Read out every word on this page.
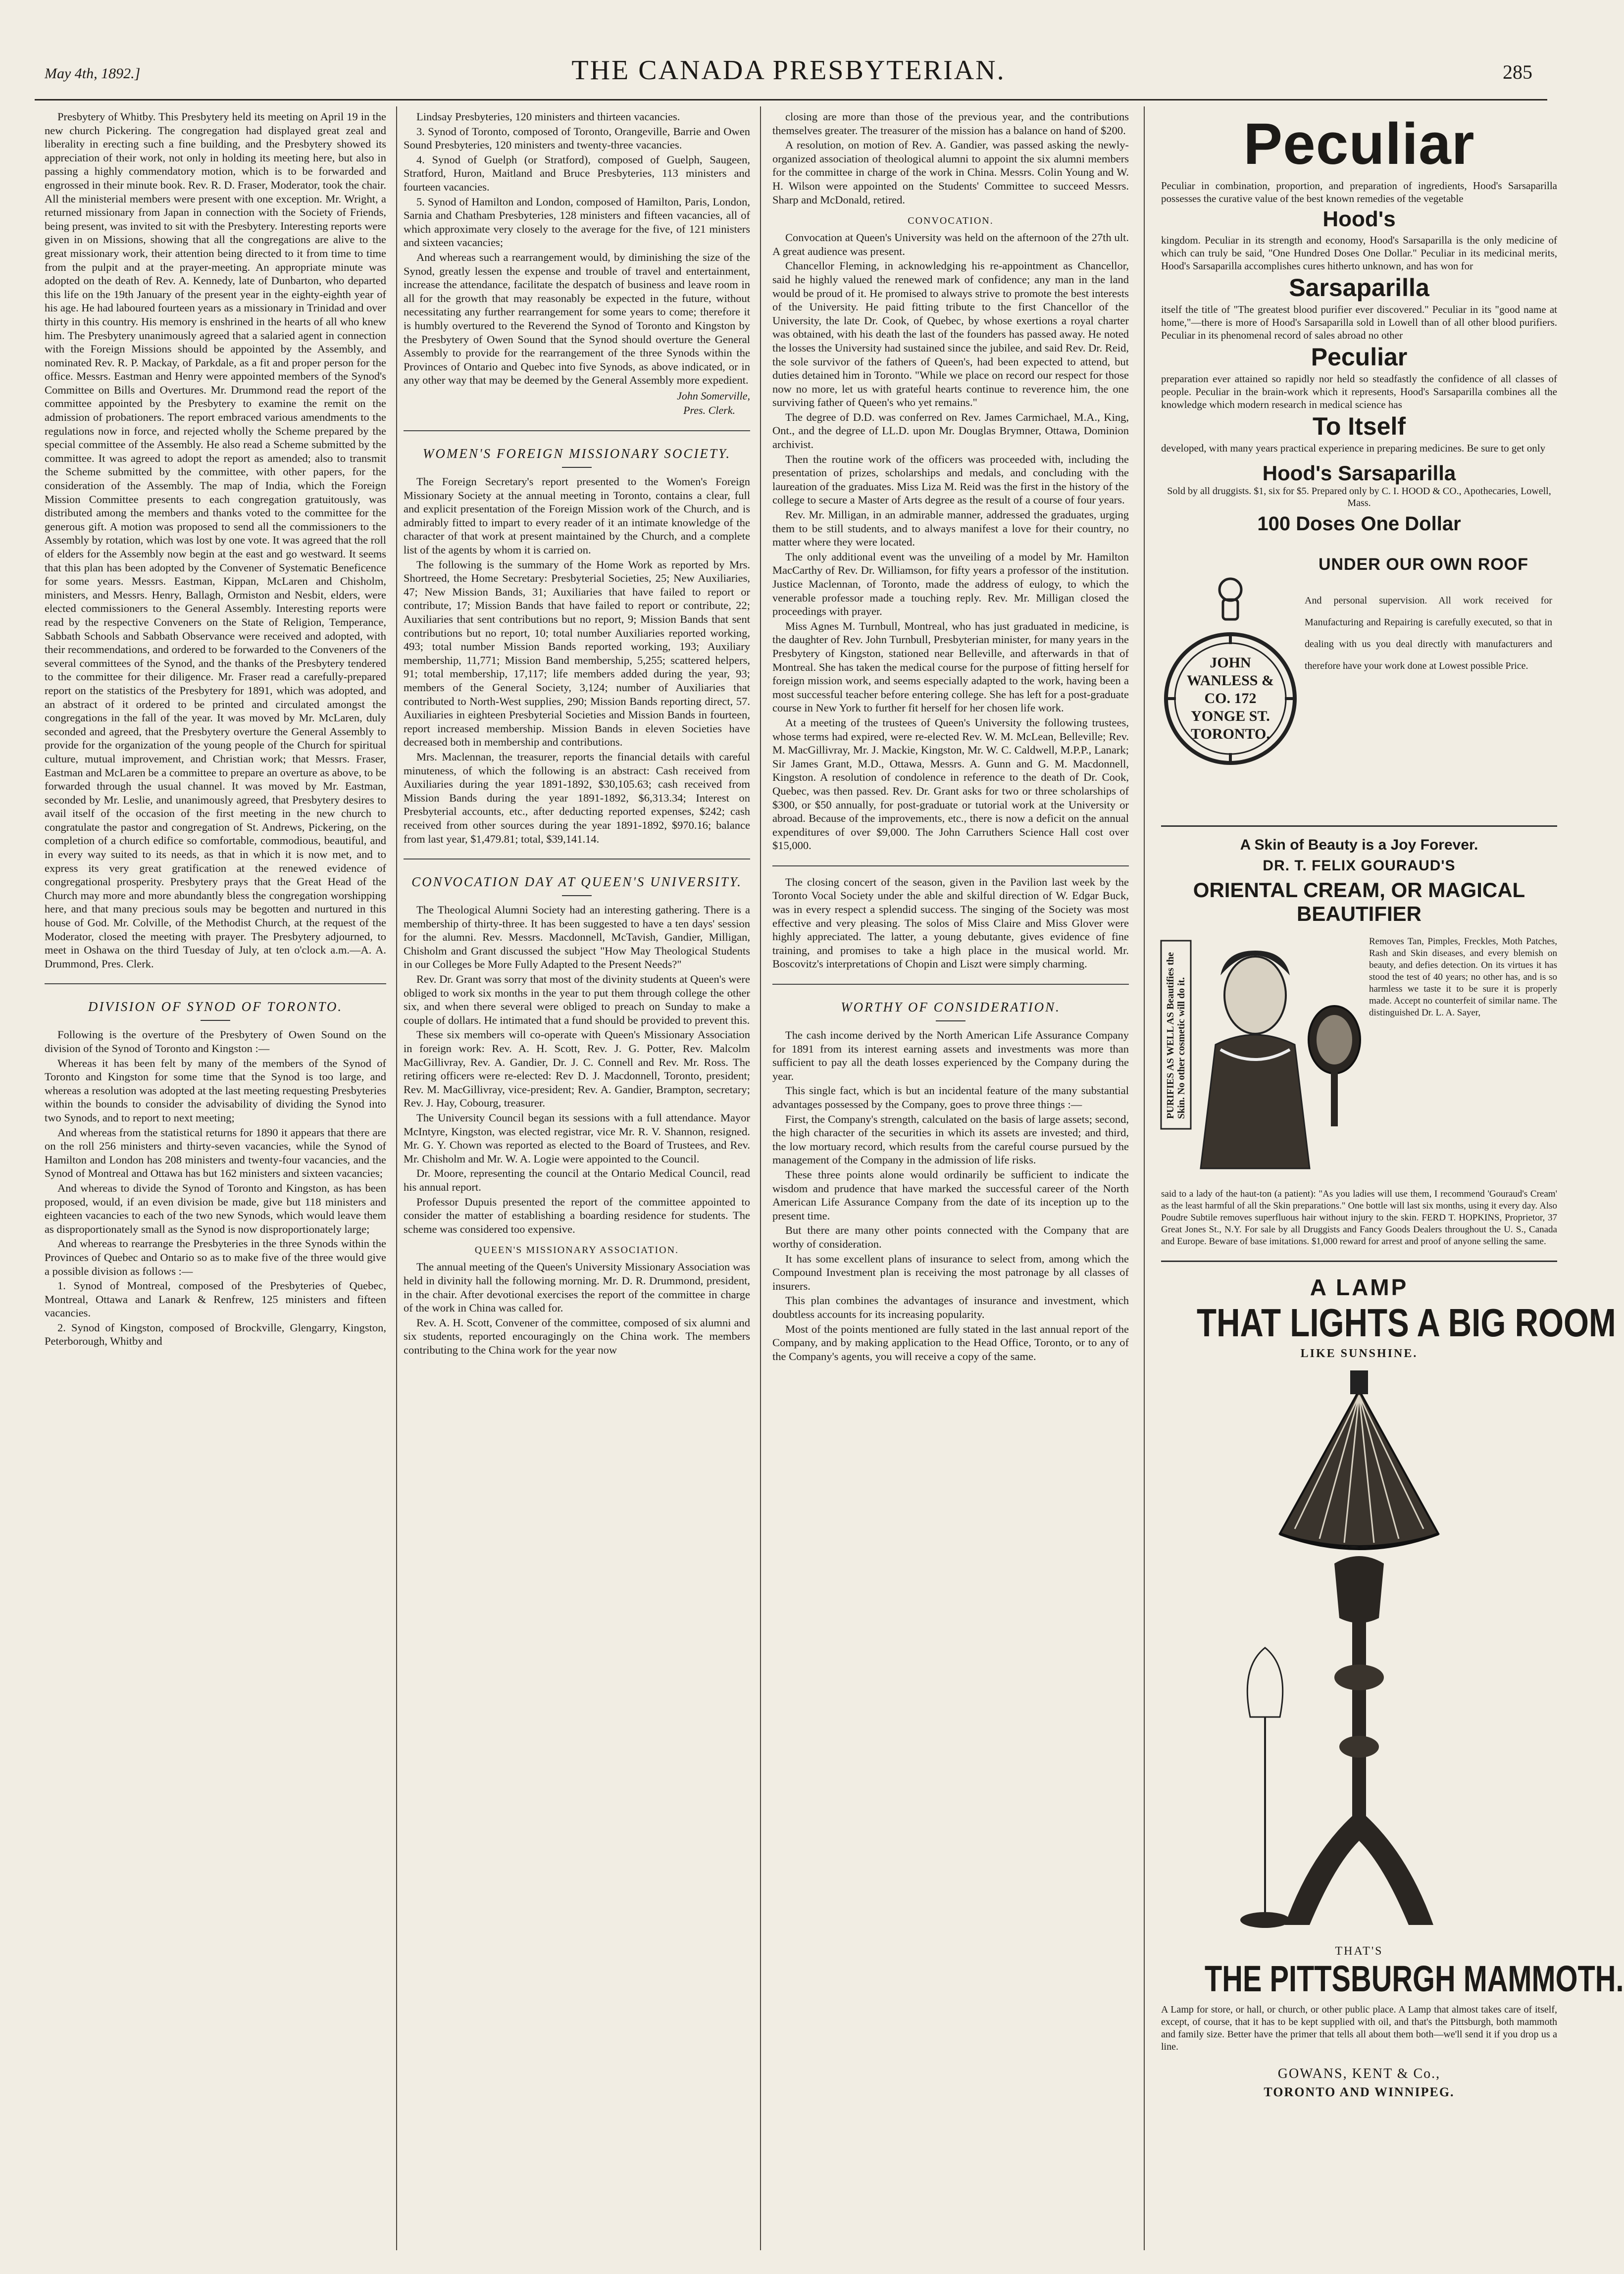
May 4th, 1892.]	THE CANADA PRESBYTERIAN.	285

Presbytery of Whitby. This Presbytery held its meeting on April 19 in the new church Pickering. The congregation had displayed great zeal and liberality in erecting such a fine building, and the Presbytery showed its appreciation of their work, not only in holding its meeting here, but also in passing a highly commendatory motion, which is to be forwarded and engrossed in their minute book. Rev. R. D. Fraser, Moderator, took the chair. All the ministerial members were present with one exception. Mr. Wright, a returned missionary from Japan in connection with the Society of Friends, being present, was invited to sit with the Presbytery. Interesting reports were given in on Missions, showing that all the congregations are alive to the great missionary work, their attention being directed to it from time to time from the pulpit and at the prayer-meeting. An appropriate minute was adopted on the death of Rev. A. Kennedy, late of Dunbarton, who departed this life on the 19th January of the present year in the eighty-eighth year of his age. He had laboured fourteen years as a missionary in Trinidad and over thirty in this country. His memory is enshrined in the hearts of all who knew him. The Presbytery unanimously agreed that a salaried agent in connection with the Foreign Missions should be appointed by the Assembly, and nominated Rev. R. P. Mackay, of Parkdale, as a fit and proper person for the office. Messrs. Eastman and Henry were appointed members of the Synod's Committee on Bills and Overtures. Mr. Drummond read the report of the committee appointed by the Presbytery to examine the remit on the admission of probationers. The report embraced various amendments to the regulations now in force, and rejected wholly the Scheme prepared by the special committee of the Assembly. He also read a Scheme submitted by the committee. It was agreed to adopt the report as amended; also to transmit the Scheme submitted by the committee, with other papers, for the consideration of the Assembly. The map of India, which the Foreign Mission Committee presents to each congregation gratuitously, was distributed among the members and thanks voted to the committee for the generous gift. A motion was proposed to send all the commissioners to the Assembly by rotation, which was lost by one vote. It was agreed that the roll of elders for the Assembly now begin at the east and go westward. It seems that this plan has been adopted by the Convener of Systematic Beneficence for some years. Messrs. Eastman, Kippan, McLaren and Chisholm, ministers, and Messrs. Henry, Ballagh, Ormiston and Nesbit, elders, were elected commissioners to the General Assembly. Interesting reports were read by the respective Conveners on the State of Religion, Temperance, Sabbath Schools and Sabbath Observance were received and adopted, with their recommendations, and ordered to be forwarded to the Conveners of the several committees of the Synod, and the thanks of the Presbytery tendered to the committee for their diligence. Mr. Fraser read a carefully-prepared report on the statistics of the Presbytery for 1891, which was adopted, and an abstract of it ordered to be printed and circulated amongst the congregations in the fall of the year. It was moved by Mr. McLaren, duly seconded and agreed, that the Presbytery overture the General Assembly to provide for the organization of the young people of the Church for spiritual culture, mutual improvement, and Christian work; that Messrs. Fraser, Eastman and McLaren be a committee to prepare an overture as above, to be forwarded through the usual channel. It was moved by Mr. Eastman, seconded by Mr. Leslie, and unanimously agreed, that Presbytery desires to avail itself of the occasion of the first meeting in the new church to congratulate the pastor and congregation of St. Andrews, Pickering, on the completion of a church edifice so comfortable, commodious, beautiful, and in every way suited to its needs, as that in which it is now met, and to express its very great gratification at the renewed evidence of congregational prosperity. Presbytery prays that the Great Head of the Church may more and more abundantly bless the congregation worshipping here, and that many precious souls may be begotten and nurtured in this house of God. Mr. Colville, of the Methodist Church, at the request of the Moderator, closed the meeting with prayer. The Presbytery adjourned, to meet in Oshawa on the third Tuesday of July, at ten o'clock a.m.—A. A. Drummond, Pres. Clerk.

DIVISION OF SYNOD OF TORONTO.

Following is the overture of the Presbytery of Owen Sound on the division of the Synod of Toronto and Kingston :—

Whereas it has been felt by many of the members of the Synod of Toronto and Kingston for some time that the Synod is too large, and whereas a resolution was adopted at the last meeting requesting Presbyteries within the bounds to consider the advisability of dividing the Synod into two Synods, and to report to next meeting;

And whereas from the statistical returns for 1890 it appears that there are on the roll 256 ministers and thirty-seven vacancies, while the Synod of Hamilton and London has 208 ministers and twenty-four vacancies, and the Synod of Montreal and Ottawa has but 162 ministers and sixteen vacancies;

And whereas to divide the Synod of Toronto and Kingston, as has been proposed, would, if an even division be made, give but 118 ministers and eighteen vacancies to each of the two new Synods, which would leave them as disproportionately small as the Synod is now disproportionately large;

And whereas to rearrange the Presbyteries in the three Synods within the Provinces of Quebec and Ontario so as to make five of the three would give a possible division as follows :—

1. Synod of Montreal, composed of the Presbyteries of Quebec, Montreal, Ottawa and Lanark & Renfrew, 125 ministers and fifteen vacancies.

2. Synod of Kingston, composed of Brockville, Glengarry, Kingston, Peterborough, Whitby and

Lindsay Presbyteries, 120 ministers and thirteen vacancies.

3. Synod of Toronto, composed of Toronto, Orangeville, Barrie and Owen Sound Presbyteries, 120 ministers and twenty-three vacancies.

4. Synod of Guelph (or Stratford), composed of Guelph, Saugeen, Stratford, Huron, Maitland and Bruce Presbyteries, 113 ministers and fourteen vacancies.

5. Synod of Hamilton and London, composed of Hamilton, Paris, London, Sarnia and Chatham Presbyteries, 128 ministers and fifteen vacancies, all of which approximate very closely to the average for the five, of 121 ministers and sixteen vacancies;

And whereas such a rearrangement would, by diminishing the size of the Synod, greatly lessen the expense and trouble of travel and entertainment, increase the attendance, facilitate the despatch of business and leave room in all for the growth that may reasonably be expected in the future, without necessitating any further rearrangement for some years to come; therefore it is humbly overtured to the Reverend the Synod of Toronto and Kingston by the Presbytery of Owen Sound that the Synod should overture the General Assembly to provide for the rearrangement of the three Synods within the Provinces of Ontario and Quebec into five Synods, as above indicated, or in any other way that may be deemed by the General Assembly more expedient.

John Somerville,

Pres. Clerk.

WOMEN'S FOREIGN MISSIONARY SOCIETY.

The Foreign Secretary's report presented to the Women's Foreign Missionary Society at the annual meeting in Toronto, contains a clear, full and explicit presentation of the Foreign Mission work of the Church, and is admirably fitted to impart to every reader of it an intimate knowledge of the character of that work at present maintained by the Church, and a complete list of the agents by whom it is carried on.

The following is the summary of the Home Work as reported by Mrs. Shortreed, the Home Secretary: Presbyterial Societies, 25; New Auxiliaries, 47; New Mission Bands, 31; Auxiliaries that have failed to report or contribute, 17; Mission Bands that have failed to report or contribute, 22; Auxiliaries that sent contributions but no report, 9; Mission Bands that sent contributions but no report, 10; total number Auxiliaries reported working, 493; total number Mission Bands reported working, 193; Auxiliary membership, 11,771; Mission Band membership, 5,255; scattered helpers, 91; total membership, 17,117; life members added during the year, 93; members of the General Society, 3,124; number of Auxiliaries that contributed to North-West supplies, 290; Mission Bands reporting direct, 57. Auxiliaries in eighteen Presbyterial Societies and Mission Bands in fourteen, report increased membership. Mission Bands in eleven Societies have decreased both in membership and contributions.

Mrs. Maclennan, the treasurer, reports the financial details with careful minuteness, of which the following is an abstract: Cash received from Auxiliaries during the year 1891-1892, $30,105.63; cash received from Mission Bands during the year 1891-1892, $6,313.34; Interest on Presbyterial accounts, etc., after deducting reported expenses, $242; cash received from other sources during the year 1891-1892, $970.16; balance from last year, $1,479.81; total, $39,141.14.

CONVOCATION DAY AT QUEEN'S UNIVERSITY.

The Theological Alumni Society had an interesting gathering. There is a membership of thirty-three. It has been suggested to have a ten days' session for the alumni. Rev. Messrs. Macdonnell, McTavish, Gandier, Milligan, Chisholm and Grant discussed the subject "How May Theological Students in our Colleges be More Fully Adapted to the Present Needs?"

Rev. Dr. Grant was sorry that most of the divinity students at Queen's were obliged to work six months in the year to put them through college the other six, and when there several were obliged to preach on Sunday to make a couple of dollars. He intimated that a fund should be provided to prevent this.

These six members will co-operate with Queen's Missionary Association in foreign work: Rev. A. H. Scott, Rev. J. G. Potter, Rev. Malcolm MacGillivray, Rev. A. Gandier, Dr. J. C. Connell and Rev. Mr. Ross. The retiring officers were re-elected: Rev D. J. Macdonnell, Toronto, president; Rev. M. MacGillivray, vice-president; Rev. A. Gandier, Brampton, secretary; Rev. J. Hay, Cobourg, treasurer.

The University Council began its sessions with a full attendance. Mayor McIntyre, Kingston, was elected registrar, vice Mr. R. V. Shannon, resigned. Mr. G. Y. Chown was reported as elected to the Board of Trustees, and Rev. Mr. Chisholm and Mr. W. A. Logie were appointed to the Council.

Dr. Moore, representing the council at the Ontario Medical Council, read his annual report.

Professor Dupuis presented the report of the committee appointed to consider the matter of establishing a boarding residence for students. The scheme was considered too expensive.

QUEEN'S MISSIONARY ASSOCIATION.

The annual meeting of the Queen's University Missionary Association was held in divinity hall the following morning. Mr. D. R. Drummond, president, in the chair. After devotional exercises the report of the committee in charge of the work in China was called for.

Rev. A. H. Scott, Convener of the committee, composed of six alumni and six students, reported encouragingly on the China work. The members contributing to the China work for the year now

closing are more than those of the previous year, and the contributions themselves greater. The treasurer of the mission has a balance on hand of $200.

A resolution, on motion of Rev. A. Gandier, was passed asking the newly-organized association of theological alumni to appoint the six alumni members for the committee in charge of the work in China. Messrs. Colin Young and W. H. Wilson were appointed on the Students' Committee to succeed Messrs. Sharp and McDonald, retired.

CONVOCATION.

Convocation at Queen's University was held on the afternoon of the 27th ult. A great audience was present.

Chancellor Fleming, in acknowledging his re-appointment as Chancellor, said he highly valued the renewed mark of confidence; any man in the land would be proud of it. He promised to always strive to promote the best interests of the University. He paid fitting tribute to the first Chancellor of the University, the late Dr. Cook, of Quebec, by whose exertions a royal charter was obtained, with his death the last of the founders has passed away. He noted the losses the University had sustained since the jubilee, and said Rev. Dr. Reid, the sole survivor of the fathers of Queen's, had been expected to attend, but duties detained him in Toronto. "While we place on record our respect for those now no more, let us with grateful hearts continue to reverence him, the one surviving father of Queen's who yet remains."

The degree of D.D. was conferred on Rev. James Carmichael, M.A., King, Ont., and the degree of LL.D. upon Mr. Douglas Brymner, Ottawa, Dominion archivist.

Then the routine work of the officers was proceeded with, including the presentation of prizes, scholarships and medals, and concluding with the laureation of the graduates. Miss Liza M. Reid was the first in the history of the college to secure a Master of Arts degree as the result of a course of four years.

Rev. Mr. Milligan, in an admirable manner, addressed the graduates, urging them to be still students, and to always manifest a love for their country, no matter where they were located.

The only additional event was the unveiling of a model by Mr. Hamilton MacCarthy of Rev. Dr. Williamson, for fifty years a professor of the institution. Justice Maclennan, of Toronto, made the address of eulogy, to which the venerable professor made a touching reply. Rev. Mr. Milligan closed the proceedings with prayer.

Miss Agnes M. Turnbull, Montreal, who has just graduated in medicine, is the daughter of Rev. John Turnbull, Presbyterian minister, for many years in the Presbytery of Kingston, stationed near Belleville, and afterwards in that of Montreal. She has taken the medical course for the purpose of fitting herself for foreign mission work, and seems especially adapted to the work, having been a most successful teacher before entering college. She has left for a post-graduate course in New York to further fit herself for her chosen life work.

At a meeting of the trustees of Queen's University the following trustees, whose terms had expired, were re-elected Rev. W. M. McLean, Belleville; Rev. M. MacGillivray, Mr. J. Mackie, Kingston, Mr. W. C. Caldwell, M.P.P., Lanark; Sir James Grant, M.D., Ottawa, Messrs. A. Gunn and G. M. Macdonnell, Kingston. A resolution of condolence in reference to the death of Dr. Cook, Quebec, was then passed. Rev. Dr. Grant asks for two or three scholarships of $300, or $50 annually, for post-graduate or tutorial work at the University or abroad. Because of the improvements, etc., there is now a deficit on the annual expenditures of over $9,000. The John Carruthers Science Hall cost over $15,000.

The closing concert of the season, given in the Pavilion last week by the Toronto Vocal Society under the able and skilful direction of W. Edgar Buck, was in every respect a splendid success. The singing of the Society was most effective and very pleasing. The solos of Miss Claire and Miss Glover were highly appreciated. The latter, a young debutante, gives evidence of fine training, and promises to take a high place in the musical world. Mr. Boscovitz's interpretations of Chopin and Liszt were simply charming.

WORTHY OF CONSIDERATION.

The cash income derived by the North American Life Assurance Company for 1891 from its interest earning assets and investments was more than sufficient to pay all the death losses experienced by the Company during the year.

This single fact, which is but an incidental feature of the many substantial advantages possessed by the Company, goes to prove three things :—

First, the Company's strength, calculated on the basis of large assets; second, the high character of the securities in which its assets are invested; and third, the low mortuary record, which results from the careful course pursued by the management of the Company in the admission of life risks.

These three points alone would ordinarily be sufficient to indicate the wisdom and prudence that have marked the successful career of the North American Life Assurance Company from the date of its inception up to the present time.

But there are many other points connected with the Company that are worthy of consideration.

It has some excellent plans of insurance to select from, among which the Compound Investment plan is receiving the most patronage by all classes of insurers.

This plan combines the advantages of insurance and investment, which doubtless accounts for its increasing popularity.

Most of the points mentioned are fully stated in the last annual report of the Company, and by making application to the Head Office, Toronto, or to any of the Company's agents, you will receive a copy of the same.

Peculiar
Peculiar in combination, proportion, and preparation of ingredients, Hood's Sarsaparilla possesses the curative value of the best known remedies of the vegetable
Hood's
kingdom. Peculiar in its strength and economy, Hood's Sarsaparilla is the only medicine of which can truly be said, "One Hundred Doses One Dollar." Peculiar in its medicinal merits, Hood's Sarsaparilla accomplishes cures hitherto unknown, and has won for
Sarsaparilla
itself the title of "The greatest blood purifier ever discovered." Peculiar in its "good name at home,"—there is more of Hood's Sarsaparilla sold in Lowell than of all other blood purifiers. Peculiar in its phenomenal record of sales abroad no other
Peculiar
preparation ever attained so rapidly nor held so steadfastly the confidence of all classes of people. Peculiar in the brain-work which it represents, Hood's Sarsaparilla combines all the knowledge which modern research in medical science has
To Itself
developed, with many years practical experience in preparing medicines. Be sure to get only
Hood's Sarsaparilla
Sold by all druggists. $1, six for $5. Prepared only by C. I. HOOD & CO., Apothecaries, Lowell, Mass.
100 Doses One Dollar
JOHN WANLESS & CO. 172 YONGE ST. TORONTO.
UNDER OUR OWN ROOF
And personal supervision. All work received for Manufacturing and Repairing is carefully executed, so that in dealing with us you deal directly with manufacturers and therefore have your work done at Lowest possible Price.
A Skin of Beauty is a Joy Forever.
DR. T. FELIX GOURAUD'S
ORIENTAL CREAM, OR MAGICAL BEAUTIFIER
PURIFIES AS WELL AS Beautifies the Skin. No other cosmetic will do it.
Removes Tan, Pimples, Freckles, Moth Patches, Rash and Skin diseases, and every blemish on beauty, and defies detection. On its virtues it has stood the test of 40 years; no other has, and is so harmless we taste it to be sure it is properly made. Accept no counterfeit of similar name. The distinguished Dr. L. A. Sayer,
said to a lady of the haut-ton (a patient): "As you ladies will use them, I recommend 'Gouraud's Cream' as the least harmful of all the Skin preparations." One bottle will last six months, using it every day. Also Poudre Subtile removes superfluous hair without injury to the skin. FERD T. HOPKINS, Proprietor, 37 Great Jones St., N.Y. For sale by all Druggists and Fancy Goods Dealers throughout the U. S., Canada and Europe. Beware of base imitations. $1,000 reward for arrest and proof of anyone selling the same.
A LAMP
THAT LIGHTS A BIG ROOM
LIKE SUNSHINE.
THAT'S
THE PITTSBURGH MAMMOTH.
A Lamp for store, or hall, or church, or other public place. A Lamp that almost takes care of itself, except, of course, that it has to be kept supplied with oil, and that's the Pittsburgh, both mammoth and family size. Better have the primer that tells all about them both—we'll send it if you drop us a line.
GOWANS, KENT & Co.,
TORONTO AND WINNIPEG.
